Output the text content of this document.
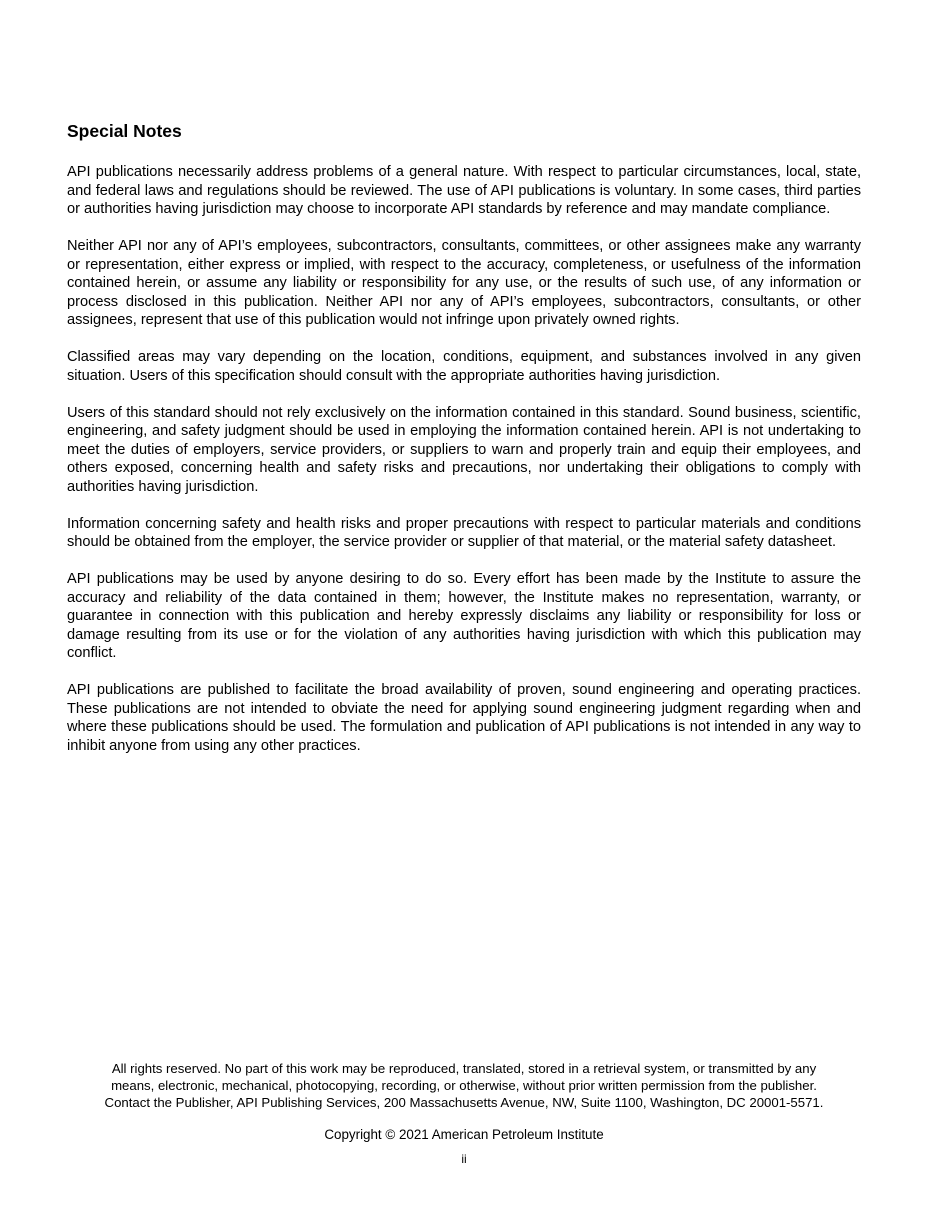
Special Notes

API publications necessarily address problems of a general nature. With respect to particular circumstances, local, state, and federal laws and regulations should be reviewed. The use of API publications is voluntary. In some cases, third parties or authorities having jurisdiction may choose to incorporate API standards by reference and may mandate compliance.

Neither API nor any of API’s employees, subcontractors, consultants, committees, or other assignees make any warranty or representation, either express or implied, with respect to the accuracy, completeness, or usefulness of the information contained herein, or assume any liability or responsibility for any use, or the results of such use, of any information or process disclosed in this publication. Neither API nor any of API’s employees, subcontractors, consultants, or other assignees, represent that use of this publication would not infringe upon privately owned rights.

Classified areas may vary depending on the location, conditions, equipment, and substances involved in any given situation. Users of this specification should consult with the appropriate authorities having jurisdiction.

Users of this standard should not rely exclusively on the information contained in this standard. Sound business, scientific, engineering, and safety judgment should be used in employing the information contained herein. API is not undertaking to meet the duties of employers, service providers, or suppliers to warn and properly train and equip their employees, and others exposed, concerning health and safety risks and precautions, nor undertaking their obligations to comply with authorities having jurisdiction.

Information concerning safety and health risks and proper precautions with respect to particular materials and conditions should be obtained from the employer, the service provider or supplier of that material, or the material safety datasheet.

API publications may be used by anyone desiring to do so. Every effort has been made by the Institute to assure the accuracy and reliability of the data contained in them; however, the Institute makes no representation, warranty, or guarantee in connection with this publication and hereby expressly disclaims any liability or responsibility for loss or damage resulting from its use or for the violation of any authorities having jurisdiction with which this publication may conflict.

API publications are published to facilitate the broad availability of proven, sound engineering and operating practices. These publications are not intended to obviate the need for applying sound engineering judgment regarding when and where these publications should be used. The formulation and publication of API publications is not intended in any way to inhibit anyone from using any other practices.

All rights reserved. No part of this work may be reproduced, translated, stored in a retrieval system, or transmitted by any
means, electronic, mechanical, photocopying, recording, or otherwise, without prior written permission from the publisher.
Contact the Publisher, API Publishing Services, 200 Massachusetts Avenue, NW, Suite 1100, Washington, DC 20001-5571.
Copyright © 2021 American Petroleum Institute
ii
